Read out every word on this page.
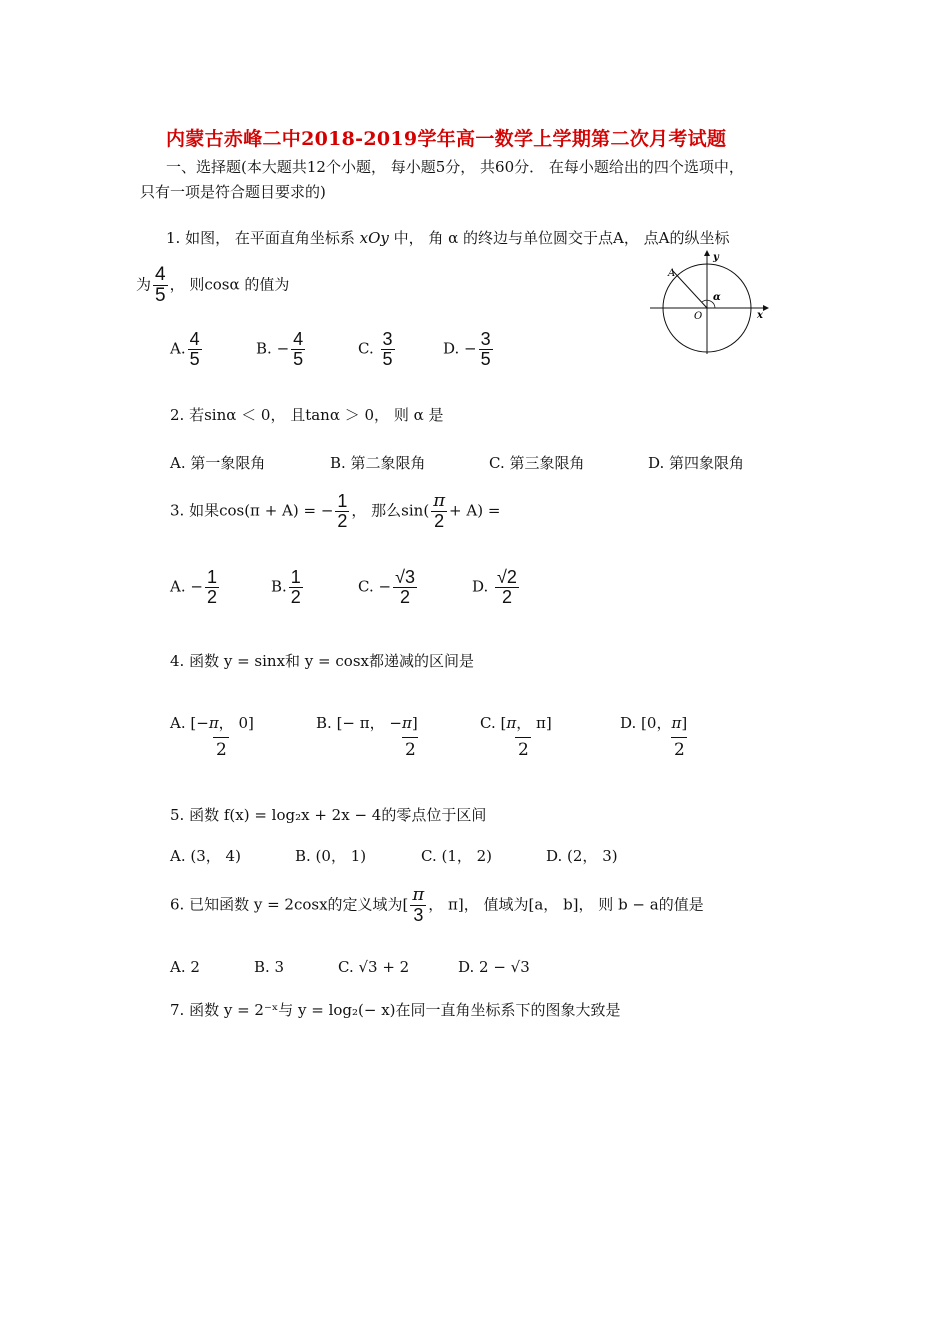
内蒙古赤峰二中2018-2019学年高一数学上学期第二次月考试题
一、选择题(本大题共12个小题， 每小题5分， 共60分． 在每小题给出的四个选项中，
只有一项是符合题目要求的)
1. 如图， 在平面直角坐标系 xOy 中， 角 α 的终边与单位圆交于点A， 点A的纵坐标
为 $\frac{4}{5}$ ， 则cosα 的值为
y
x
O
A
α
A. $\frac{4}{5}$	B. − $\frac{4}{5}$	C. $\frac{3}{5}$	D. − $\frac{3}{5}$
2. 若sinα ＜ 0， 且tanα ＞ 0， 则 α 是
A. 第一象限角	B. 第二象限角	C. 第三象限角	D. 第四象限角
3. 如果cos(π + A) = − $\frac{1}{2}$ ， 那么$\sin( \frac{\pi}{2} + A)$ =
A. − $\frac{1}{2}$	B. $\frac{1}{2}$	C. − $\frac{√3}{2}$	D. $\frac{√2}{2}$
4. 函数 y = sinx和 y = cosx都递减的区间是
A. [−π， 0]
2
B. [− π， −π]
2
C. [π， π]
2
D. [0，π]
2
5. 函数 f(x) = log₂x + 2x − 4的零点位于区间
A. (3， 4)	B. (0， 1)	C. (1， 2)	D. (2， 3)
6. 已知函数 y = 2cosx的定义域为[ $\frac{\pi}{3}$ ， π]， 值域为[a， b]， 则 b − a的值是
A. 2	B. 3	C. √3 + 2	D. 2 − √3
7. 函数 y = 2⁻ˣ与 y = log₂(− x)在同一直角坐标系下的图象大致是
